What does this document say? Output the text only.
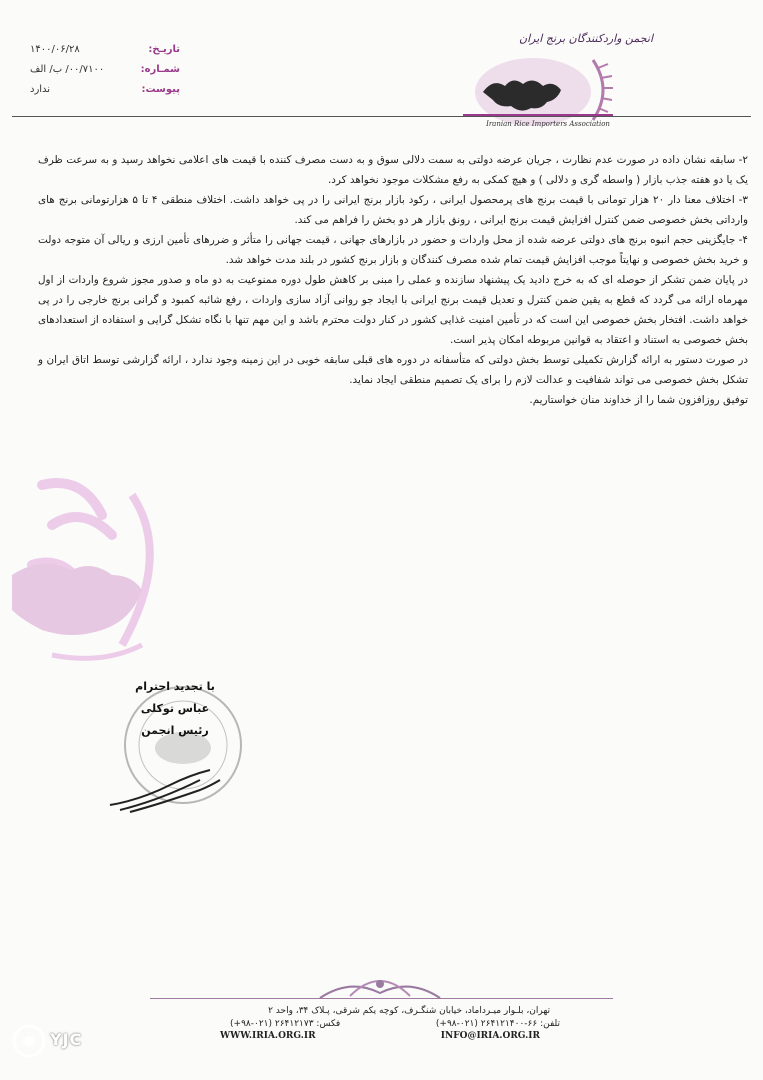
تاریـخ:
۱۴۰۰/۰۶/۲۸
شمـاره:
۰۰/۷۱۰۰/ ب/ الف
پیوست:
ندارد
انجمن واردکنندگان برنج ایران
Iranian Rice Importers Association

۲- سابقه نشان داده در صورت عدم نظارت ، جریان عرضه دولتی به سمت دلالی سوق و به دست مصرف کننده با قیمت های اعلامی نخواهد رسید و به سرعت ظرف یک یا دو هفته جذب بازار ( واسطه گری و دلالی ) و هیچ کمکی به رفع مشکلات موجود نخواهد کرد.

۳- اختلاف معنا دار ۲۰ هزار تومانی با قیمت برنج های پرمحصول ایرانی ، رکود بازار برنج ایرانی را در پی خواهد داشت. اختلاف منطقی ۴ تا ۵ هزارتومانی برنج های وارداتی بخش خصوصی ضمن کنترل افزایش قیمت برنج ایرانی ، رونق بازار هر دو بخش را فراهم می کند.

۴- جایگزینی حجم انبوه برنج های دولتی عرضه شده از محل واردات و حضور در بازارهای جهانی ، قیمت جهانی را متأثر و ضررهای تأمین ارزی و ریالی آن متوجه دولت و خرید بخش خصوصی و نهایتاً موجب افزایش قیمت تمام شده مصرف کنندگان و بازار برنج کشور در بلند مدت خواهد شد.

در پایان ضمن تشکر از حوصله ای که به خرج دادید یک پیشنهاد سازنده و عملی را مبنی بر کاهش طول دوره ممنوعیت به دو ماه و صدور مجوز شروع واردات از اول مهرماه ارائه می گردد که قطع به یقین ضمن کنترل و تعدیل قیمت برنج ایرانی با ایجاد جو روانی آزاد سازی واردات ، رفع شائبه کمبود و گرانی برنج خارجی را در پی خواهد داشت. افتخار بخش خصوصی این است که در تأمین امنیت غذایی کشور در کنار دولت محترم باشد و این مهم تنها با نگاه تشکل گرایی و استفاده از استعدادهای بخش خصوصی به استناد و اعتقاد به قوانین مربوطه امکان پذیر است.

در صورت دستور به ارائه گزارش تکمیلی توسط بخش دولتی که متأسفانه در دوره های قبلی سابقه خوبی در این زمینه وجود ندارد ، ارائه گزارشی توسط اتاق ایران و تشکل بخش خصوصی می تواند شفافیت و عدالت لازم را برای یک تصمیم منطقی ایجاد نماید.

توفیق روزافزون شما را از خداوند منان خواستاریم.

با تجدید احترام
عباس توکلی
رئیس انجمن
تهران، بلـوار میـرداماد، خیابان شنگـرف، کوچه یکم شرقی، پـلاک ۳۴، واحد ۲
تلفن: ۶۶-۲۶۴۱۲۱۴۰۰ (۰۲۱-۹۸+)
فکس: ۲۶۴۱۲۱۷۳ (۰۲۱-۹۸+)
WWW.IRIA.ORG.IR	INFO@IRIA.ORG.IR
YJC
